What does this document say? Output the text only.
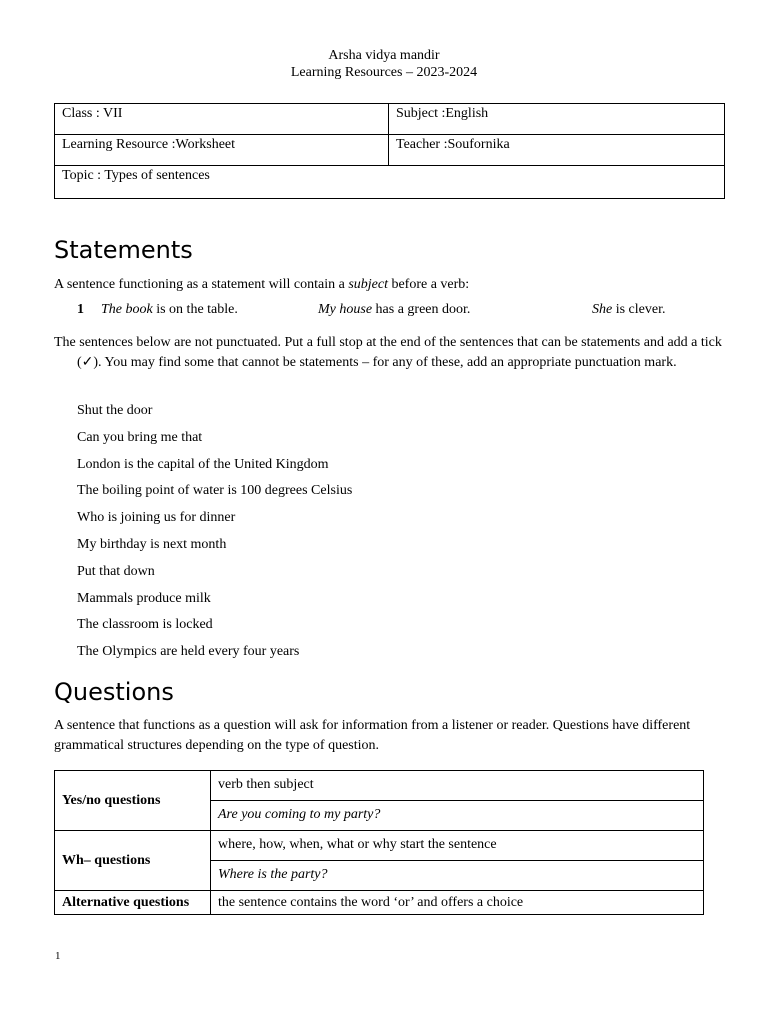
Arsha vidya mandir
Learning Resources – 2023-2024
Class : VII	Subject :English
Learning Resource :Worksheet	Teacher :Soufornika
Topic : Types of sentences	
Statements
A sentence functioning as a statement will contain a subject before a verb:
1 The book is on the table.	My house has a green door.	She is clever.
The sentences below are not punctuated. Put a full stop at the end of the sentences that can be statements and add a tick (✓). You may find some that cannot be statements – for any of these, add an appropriate punctuation mark.
Shut the door
Can you bring me that
London is the capital of the United Kingdom
The boiling point of water is 100 degrees Celsius
Who is joining us for dinner
My birthday is next month
Put that down
Mammals produce milk
The classroom is locked
The Olympics are held every four years
Questions
A sentence that functions as a question will ask for information from a listener or reader. Questions have different grammatical structures depending on the type of question.
Yes/no questions	verb then subject
	Are you coming to my party?
Wh– questions	where, how, when, what or why start the sentence
	Where is the party?
Alternative questions	the sentence contains the word ‘or’ and offers a choice
1
